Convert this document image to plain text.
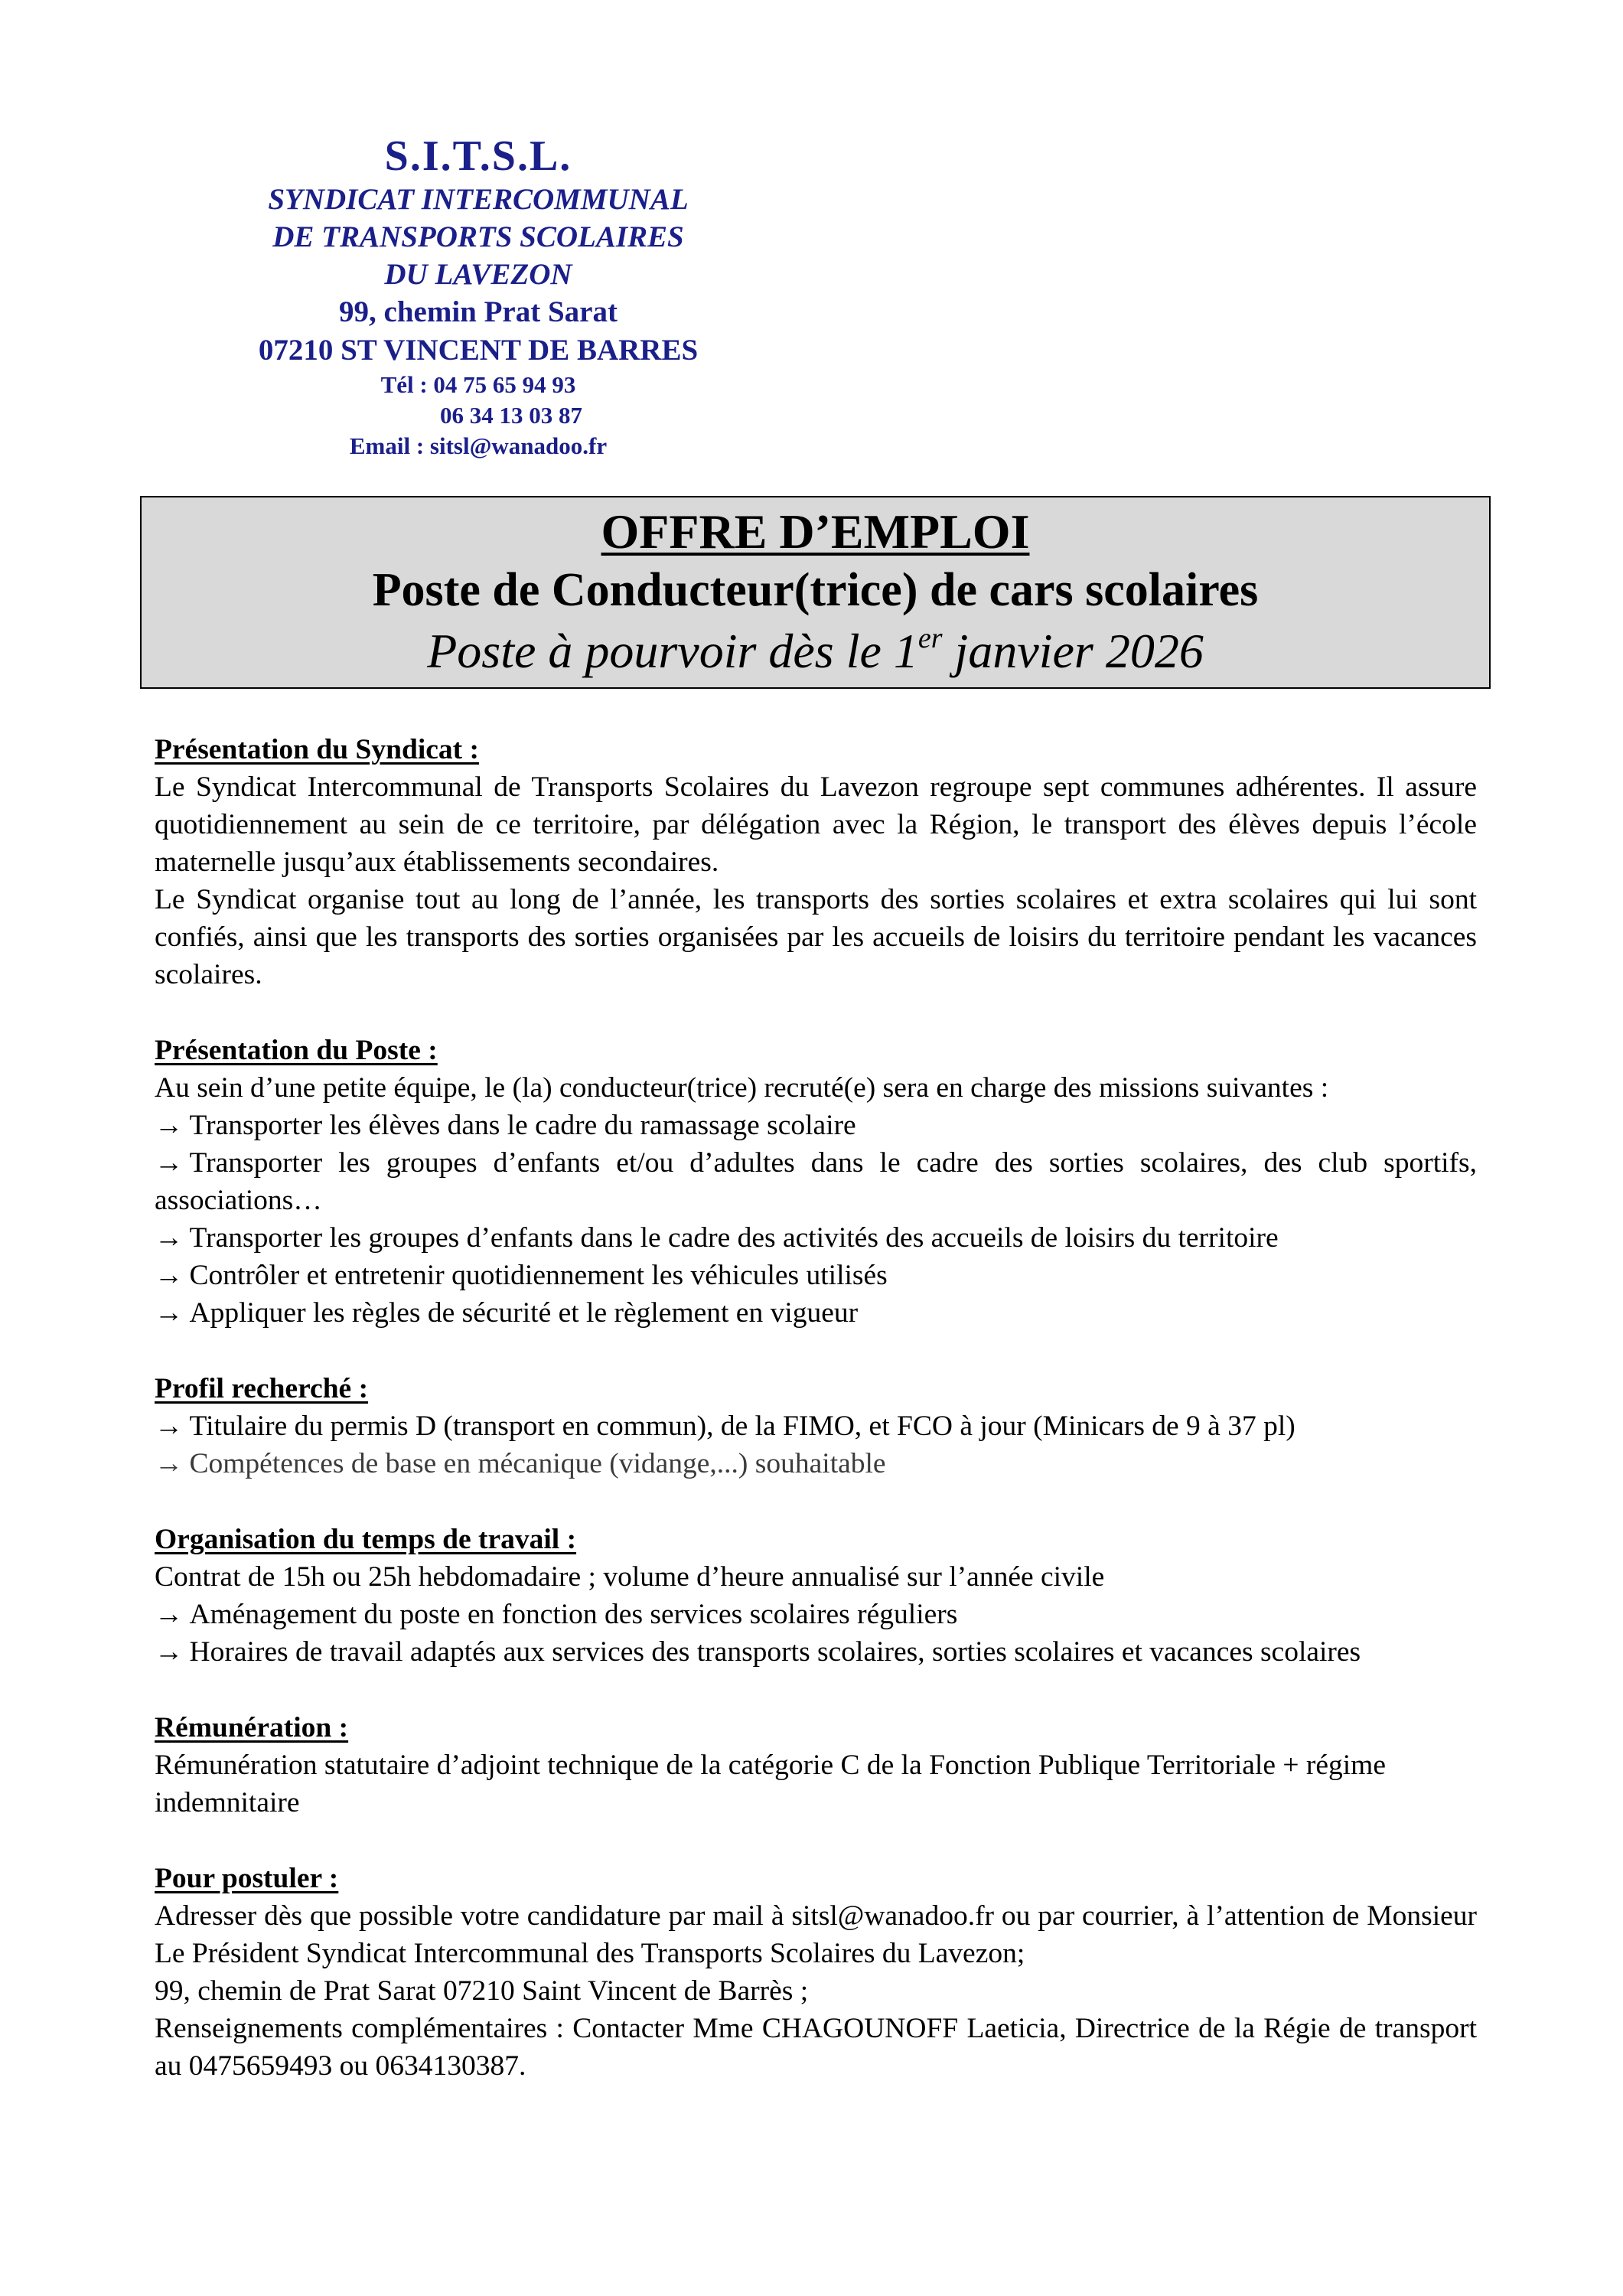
S.I.T.S.L.
SYNDICAT INTERCOMMUNAL
DE TRANSPORTS SCOLAIRES
DU LAVEZON
99, chemin Prat Sarat
07210 ST VINCENT DE BARRES
Tél : 04 75 65 94 93
06 34 13 03 87
Email : sitsl@wanadoo.fr
OFFRE D’EMPLOI
Poste de Conducteur(trice) de cars scolaires
Poste à pourvoir dès le 1er janvier 2026
Présentation du Syndicat :
Le Syndicat Intercommunal de Transports Scolaires du Lavezon regroupe sept communes adhérentes. Il assure quotidiennement au sein de ce territoire, par délégation avec la Région, le transport des élèves depuis l’école maternelle jusqu’aux établissements secondaires.
Le Syndicat organise tout au long de l’année, les transports des sorties scolaires et extra scolaires qui lui sont confiés, ainsi que les transports des sorties organisées par les accueils de loisirs du territoire pendant les vacances scolaires.
Présentation du Poste :
Au sein d’une petite équipe, le (la) conducteur(trice) recruté(e) sera en charge des missions suivantes :
→ Transporter les élèves dans le cadre du ramassage scolaire
→ Transporter les groupes d’enfants et/ou d’adultes dans le cadre des sorties scolaires, des club sportifs, associations…
→ Transporter les groupes d’enfants dans le cadre des activités des accueils de loisirs du territoire
→ Contrôler et entretenir quotidiennement les véhicules utilisés
→ Appliquer les règles de sécurité et le règlement en vigueur
Profil recherché :
→ Titulaire du permis D (transport en commun), de la FIMO, et FCO à jour (Minicars de 9 à 37 pl)
→ Compétences de base en mécanique (vidange,...) souhaitable
Organisation du temps de travail :
Contrat de 15h ou 25h hebdomadaire ; volume d’heure annualisé sur l’année civile
→ Aménagement du poste en fonction des services scolaires réguliers
→ Horaires de travail adaptés aux services des transports scolaires, sorties scolaires et vacances scolaires
Rémunération :
Rémunération statutaire d’adjoint technique de la catégorie C de la Fonction Publique Territoriale + régime indemnitaire
Pour postuler :
Adresser dès que possible votre candidature par mail à sitsl@wanadoo.fr ou par courrier, à l’attention de Monsieur Le Président Syndicat Intercommunal des Transports Scolaires du Lavezon;
99, chemin de Prat Sarat 07210 Saint Vincent de Barrès ;
Renseignements complémentaires : Contacter Mme CHAGOUNOFF Laeticia, Directrice de la Régie de transport au 0475659493 ou 0634130387.
